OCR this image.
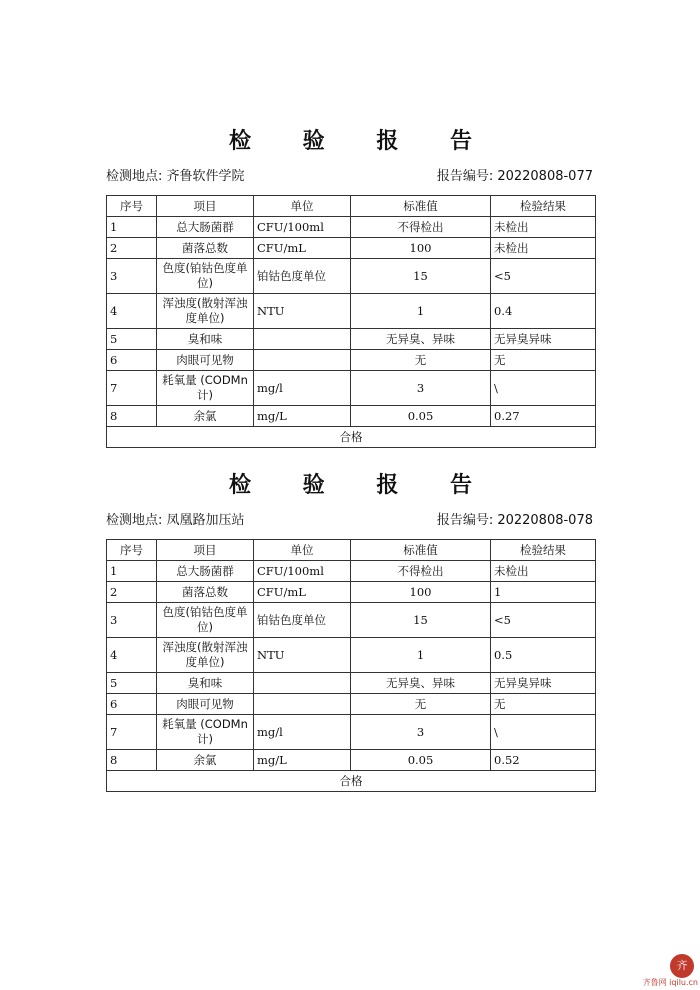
检 验 报 告
检测地点: 齐鲁软件学院	报告编号: 20220808-077
序号	项目	单位	标准值	检验结果
1	总大肠菌群	CFU/100ml	不得检出	未检出
2	菌落总数	CFU/mL	100	未检出
3	色度(铂钴色度单位)	铂钴色度单位	15	<5
4	浑浊度(散射浑浊度单位)	NTU	1	0.4
5	臭和味		无异臭、异味	无异臭异味
6	肉眼可见物		无	无
7	耗氧量 (CODMn计)	mg/l	3	\
8	余氯	mg/L	0.05	0.27
合格				
检 验 报 告
检测地点: 凤凰路加压站	报告编号: 20220808-078
序号	项目	单位	标准值	检验结果
1	总大肠菌群	CFU/100ml	不得检出	未检出
2	菌落总数	CFU/mL	100	1
3	色度(铂钴色度单位)	铂钴色度单位	15	<5
4	浑浊度(散射浑浊度单位)	NTU	1	0.5
5	臭和味		无异臭、异味	无异臭异味
6	肉眼可见物		无	无
7	耗氧量 (CODMn计)	mg/l	3	\
8	余氯	mg/L	0.05	0.52
合格				
齐
齐鲁网 iqilu.cn
